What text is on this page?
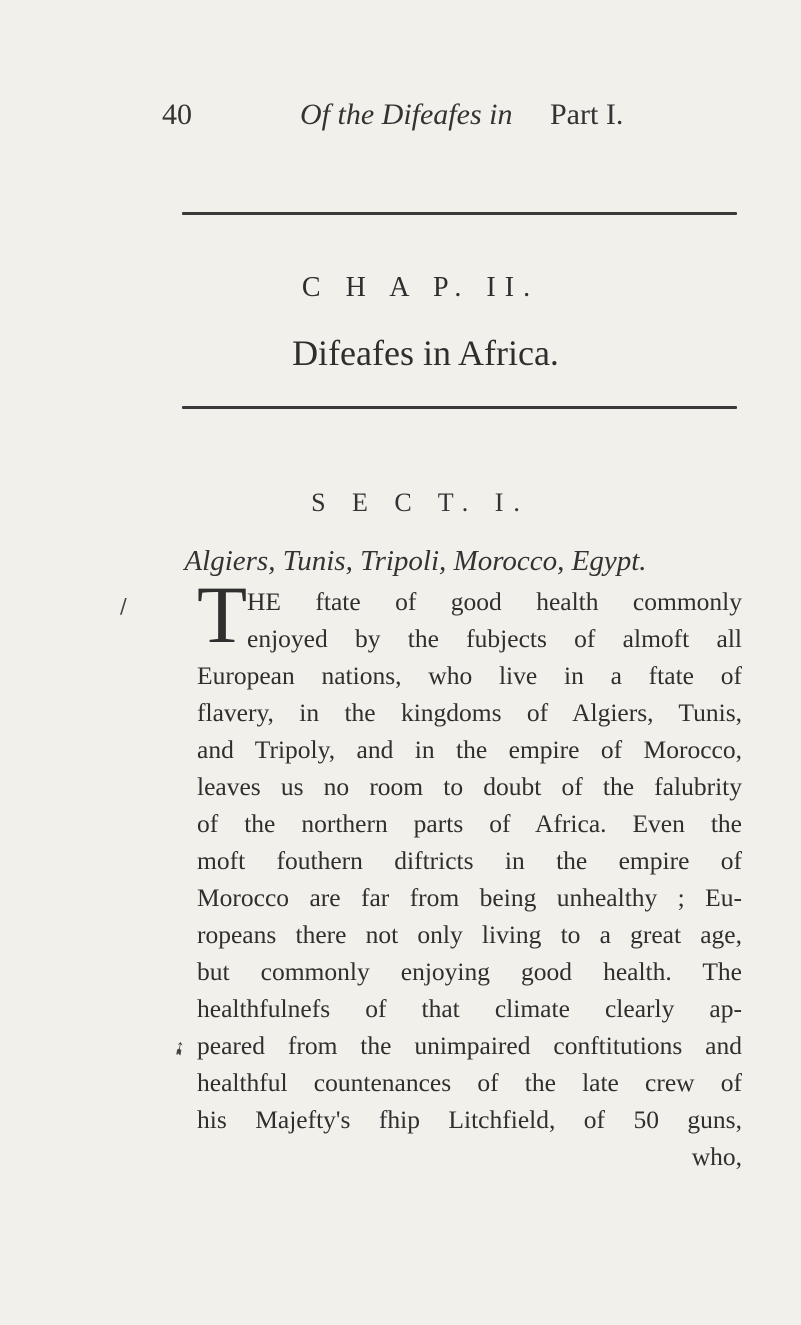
40	Of the Difeafes in Part I.
C H A P. II.
Difeafes in Africa.
S E C T. I.
Algiers, Tunis, Tripoli, Morocco, Egypt.
/
➹
T HE ftate of good health commonly
enjoyed by the fubjects of almoft all
European nations, who live in a ftate of
flavery, in the kingdoms of Algiers, Tunis,
and Tripoly, and in the empire of Morocco,
leaves us no room to doubt of the falubrity
of the northern parts of Africa. Even the
moft fouthern diftricts in the empire of
Morocco are far from being unhealthy ; Eu-
ropeans there not only living to a great age,
but commonly enjoying good health. The
healthfulnefs of that climate clearly ap-
peared from the unimpaired conftitutions and
healthful countenances of the late crew of
his Majefty's fhip Litchfield, of 50 guns,
who,
